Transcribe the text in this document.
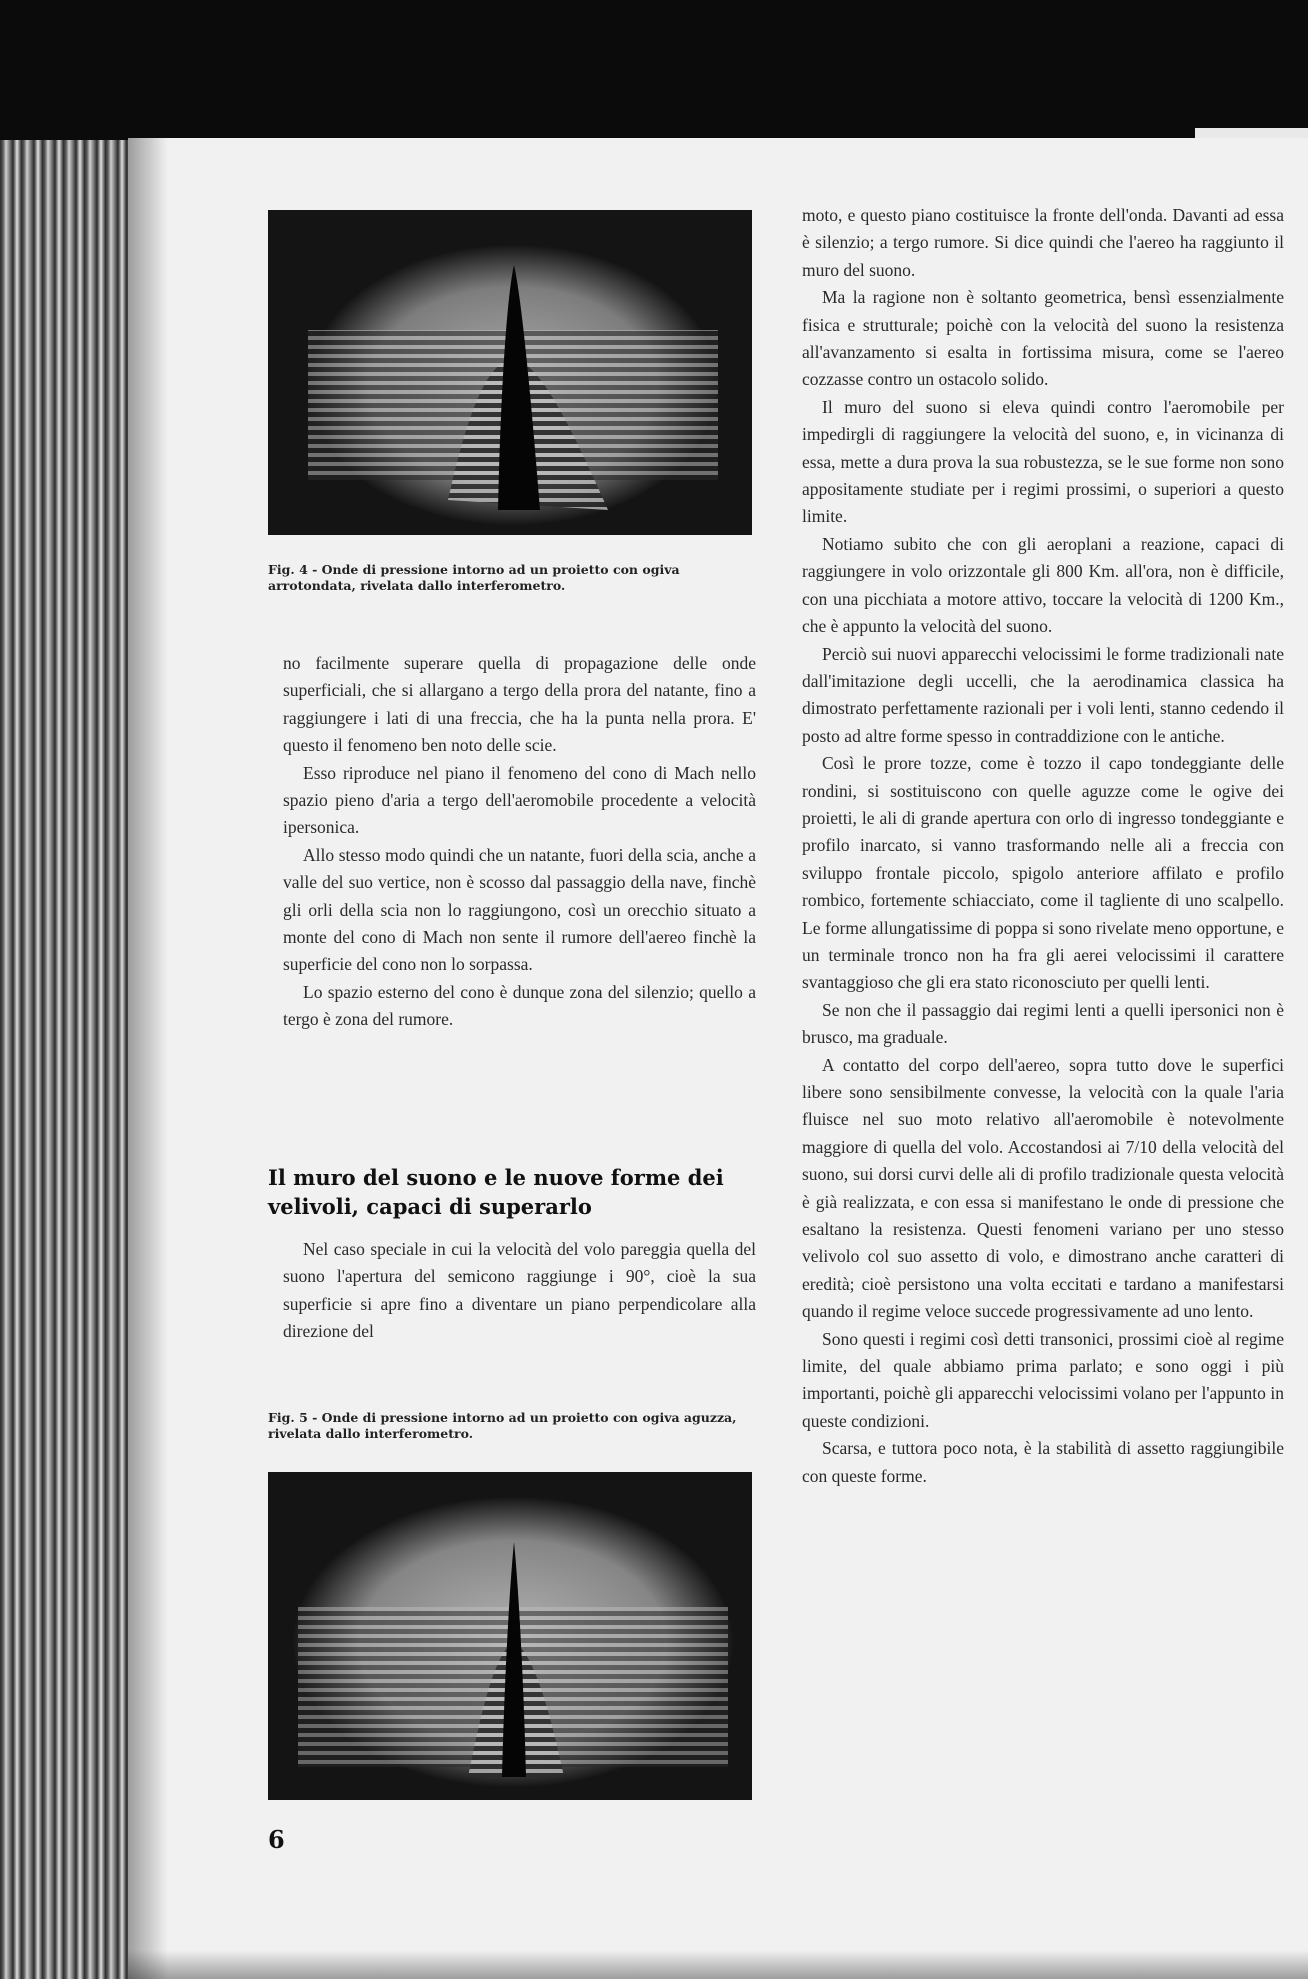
Fig. 4 - Onde di pressione intorno ad un proietto con ogiva arrotondata, rivelata dallo interferometro.

no facilmente superare quella di propagazione delle onde superficiali, che si allargano a tergo della prora del natante, fino a raggiungere i lati di una freccia, che ha la punta nella prora. E' questo il fenomeno ben noto delle scie.

Esso riproduce nel piano il fenomeno del cono di Mach nello spazio pieno d'aria a tergo dell'aeromobile procedente a velocità ipersonica.

Allo stesso modo quindi che un natante, fuori della scia, anche a valle del suo vertice, non è scosso dal passaggio della nave, finchè gli orli della scia non lo raggiungono, così un orecchio situato a monte del cono di Mach non sente il rumore dell'aereo finchè la superficie del cono non lo sorpassa.

Lo spazio esterno del cono è dunque zona del silenzio; quello a tergo è zona del rumore.

Il muro del suono e le nuove forme dei velivoli, capaci di superarlo

Nel caso speciale in cui la velocità del volo pareggia quella del suono l'apertura del semicono raggiunge i 90°, cioè la sua superficie si apre fino a diventare un piano perpendicolare alla direzione del

Fig. 5 - Onde di pressione intorno ad un proietto con ogiva aguzza, rivelata dallo interferometro.
6

moto, e questo piano costituisce la fronte dell'onda. Davanti ad essa è silenzio; a tergo rumore. Si dice quindi che l'aereo ha raggiunto il muro del suono.

Ma la ragione non è soltanto geometrica, bensì essenzialmente fisica e strutturale; poichè con la velocità del suono la resistenza all'avanzamento si esalta in fortissima misura, come se l'aereo cozzasse contro un ostacolo solido.

Il muro del suono si eleva quindi contro l'aeromobile per impedirgli di raggiungere la velocità del suono, e, in vicinanza di essa, mette a dura prova la sua robustezza, se le sue forme non sono appositamente studiate per i regimi prossimi, o superiori a questo limite.

Notiamo subito che con gli aeroplani a reazione, capaci di raggiungere in volo orizzontale gli 800 Km. all'ora, non è difficile, con una picchiata a motore attivo, toccare la velocità di 1200 Km., che è appunto la velocità del suono.

Perciò sui nuovi apparecchi velocissimi le forme tradizionali nate dall'imitazione degli uccelli, che la aerodinamica classica ha dimostrato perfettamente razionali per i voli lenti, stanno cedendo il posto ad altre forme spesso in contraddizione con le antiche.

Così le prore tozze, come è tozzo il capo tondeggiante delle rondini, si sostituiscono con quelle aguzze come le ogive dei proietti, le ali di grande apertura con orlo di ingresso tondeggiante e profilo inarcato, si vanno trasformando nelle ali a freccia con sviluppo frontale piccolo, spigolo anteriore affilato e profilo rombico, fortemente schiacciato, come il tagliente di uno scalpello. Le forme allungatissime di poppa si sono rivelate meno opportune, e un terminale tronco non ha fra gli aerei velocissimi il carattere svantaggioso che gli era stato riconosciuto per quelli lenti.

Se non che il passaggio dai regimi lenti a quelli ipersonici non è brusco, ma graduale.

A contatto del corpo dell'aereo, sopra tutto dove le superfici libere sono sensibilmente convesse, la velocità con la quale l'aria fluisce nel suo moto relativo all'aeromobile è notevolmente maggiore di quella del volo. Accostandosi ai 7/10 della velocità del suono, sui dorsi curvi delle ali di profilo tradizionale questa velocità è già realizzata, e con essa si manifestano le onde di pressione che esaltano la resistenza. Questi fenomeni variano per uno stesso velivolo col suo assetto di volo, e dimostrano anche caratteri di eredità; cioè persistono una volta eccitati e tardano a manifestarsi quando il regime veloce succede progressivamente ad uno lento.

Sono questi i regimi così detti transonici, prossimi cioè al regime limite, del quale abbiamo prima parlato; e sono oggi i più importanti, poichè gli apparecchi velocissimi volano per l'appunto in queste condizioni.

Scarsa, e tuttora poco nota, è la stabilità di assetto raggiungibile con queste forme.
